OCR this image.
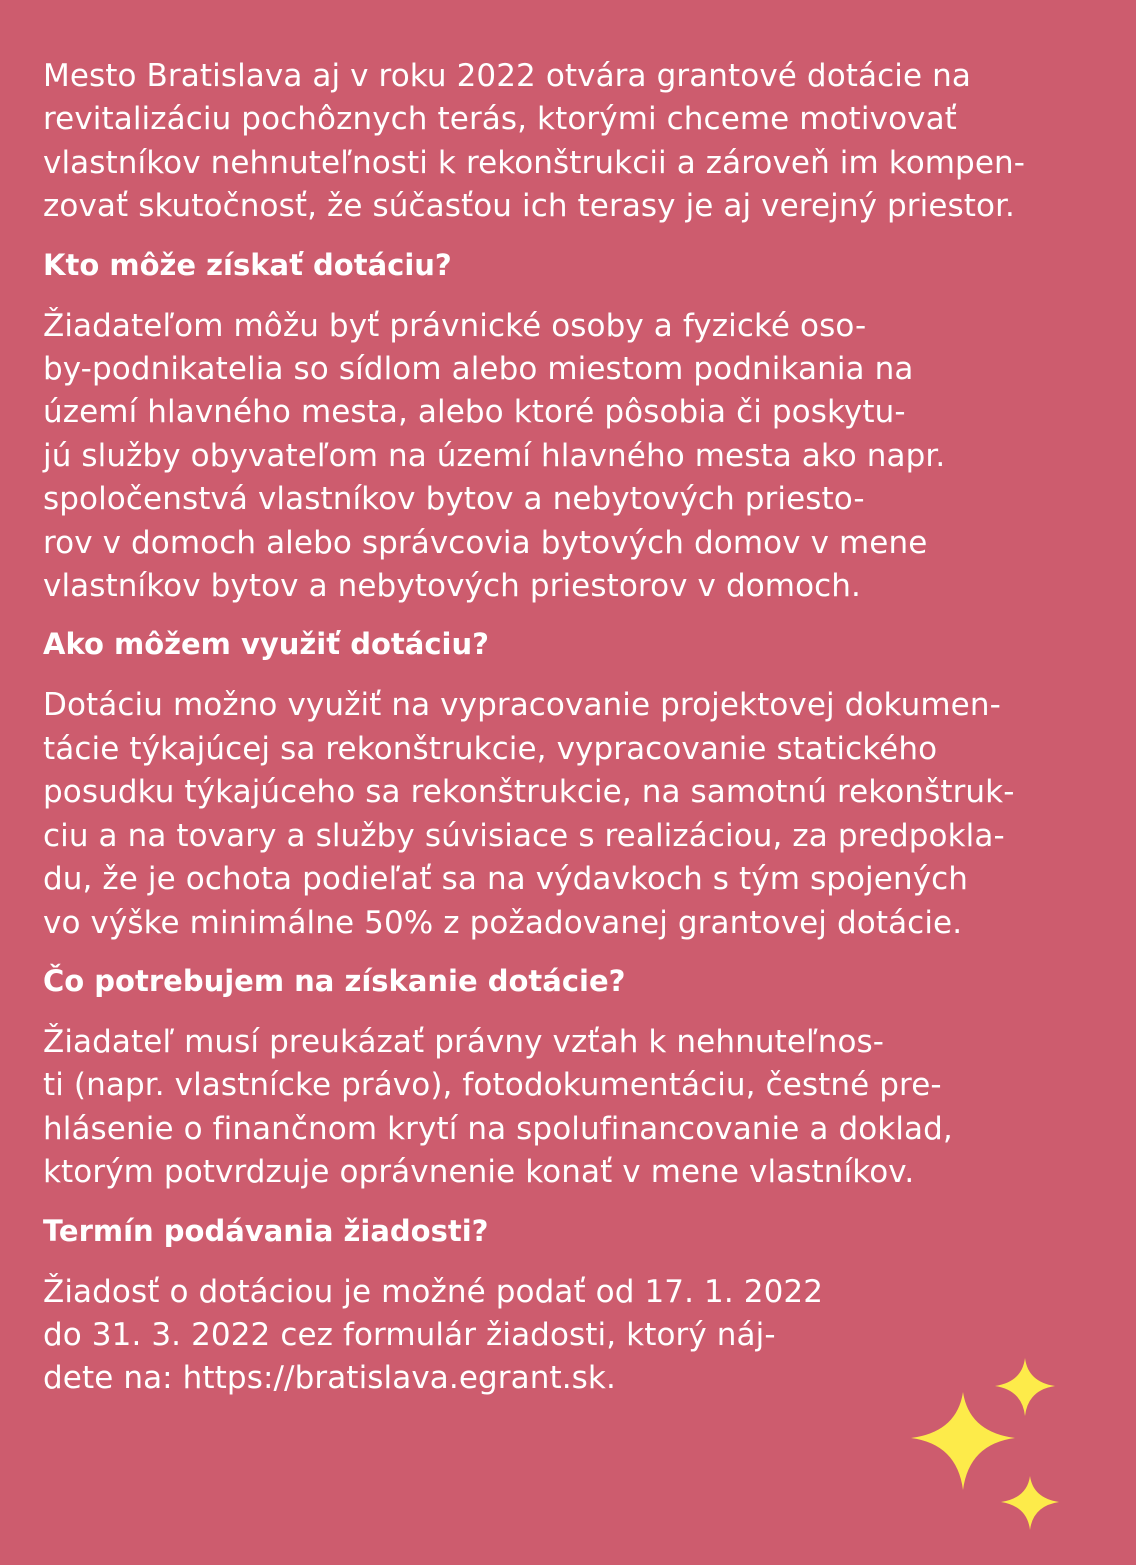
Mesto Bratislava aj v roku 2022 otvára grantové dotácie na
revitalizáciu pochôznych terás, ktorými chceme motivovať
vlastníkov nehnuteľnosti k rekonštrukcii a zároveň im kompen-
zovať skutočnosť, že súčasťou ich terasy je aj verejný priestor.

Kto môže získať dotáciu?

Žiadateľom môžu byť právnické osoby a fyzické oso-
by-podnikatelia so sídlom alebo miestom podnikania na
území hlavného mesta, alebo ktoré pôsobia či poskytu-
jú služby obyvateľom na území hlavného mesta ako napr.
spoločenstvá vlastníkov bytov a nebytových priesto-
rov v domoch alebo správcovia bytových domov v mene
vlastníkov bytov a nebytových priestorov v domoch.

Ako môžem využiť dotáciu?

Dotáciu možno využiť na vypracovanie projektovej dokumen-
tácie týkajúcej sa rekonštrukcie, vypracovanie statického
posudku týkajúceho sa rekonštrukcie, na samotnú rekonštruk-
ciu a na tovary a služby súvisiace s realizáciou, za predpokla-
du, že je ochota podieľať sa na výdavkoch s tým spojených
vo výške minimálne 50% z požadovanej grantovej dotácie.

Čo potrebujem na získanie dotácie?

Žiadateľ musí preukázať právny vzťah k nehnuteľnos-
ti (napr. vlastnícke právo), fotodokumentáciu, čestné pre-
hlásenie o finančnom krytí na spolufinancovanie a doklad,
ktorým potvrdzuje oprávnenie konať v mene vlastníkov.

Termín podávania žiadosti?

Žiadosť o dotáciou je možné podať od 17. 1. 2022
do 31. 3. 2022 cez formulár žiadosti, ktorý náj-
dete na: https://bratislava.egrant.sk.
